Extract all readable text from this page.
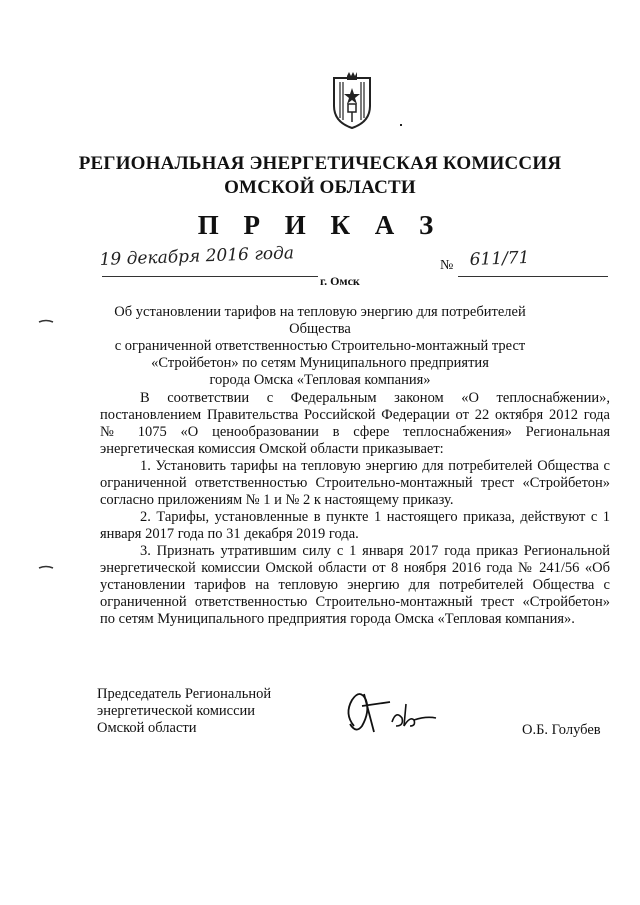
РЕГИОНАЛЬНАЯ ЭНЕРГЕТИЧЕСКАЯ КОМИССИЯ
ОМСКОЙ ОБЛАСТИ
П Р И К А З
19 декабря 2016 года
г. Омск
№ 611/71
Об установлении тарифов на тепловую энергию для потребителей Общества
с ограниченной ответственностью Строительно-монтажный трест
«Стройбетон» по сетям Муниципального предприятия
города Омска «Тепловая компания»

В соответствии с Федеральным законом «О теплоснабжении», постановлением Правительства Российской Федерации от 22 октября 2012 года № 1075 «О ценообразовании в сфере теплоснабжения» Региональная энергетическая комиссия Омской области приказывает:

1. Установить тарифы на тепловую энергию для потребителей Общества с ограниченной ответственностью Строительно-монтажный трест «Стройбетон» согласно приложениям № 1 и № 2 к настоящему приказу.

2. Тарифы, установленные в пункте 1 настоящего приказа, действуют с 1 января 2017 года по 31 декабря 2019 года.

3. Признать утратившим силу с 1 января 2017 года приказ Региональной энергетической комиссии Омской области от 8 ноября 2016 года № 241/56 «Об установлении тарифов на тепловую энергию для потребителей Общества с ограниченной ответственностью Строительно-монтажный трест «Стройбетон» по сетям Муниципального предприятия города Омска «Тепловая компания».

Председатель Региональной
энергетической комиссии
Омской области	О.Б. Голубев
